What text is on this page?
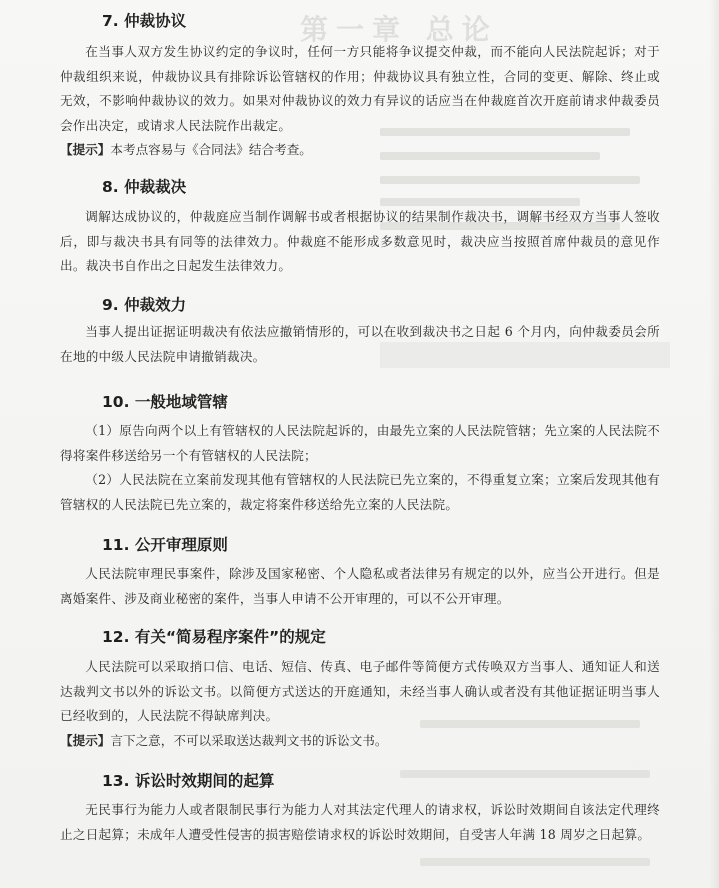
第一章 总论
7. 仲裁协议

在当事人双方发生协议约定的争议时，任何一方只能将争议提交仲裁，而不能向人民法院起诉；对于仲裁组织来说，仲裁协议具有排除诉讼管辖权的作用；仲裁协议具有独立性，合同的变更、解除、终止或无效，不影响仲裁协议的效力。如果对仲裁协议的效力有异议的话应当在仲裁庭首次开庭前请求仲裁委员会作出决定，或请求人民法院作出裁定。

【提示】本考点容易与《合同法》结合考查。

8. 仲裁裁决

调解达成协议的，仲裁庭应当制作调解书或者根据协议的结果制作裁决书，调解书经双方当事人签收后，即与裁决书具有同等的法律效力。仲裁庭不能形成多数意见时，裁决应当按照首席仲裁员的意见作出。裁决书自作出之日起发生法律效力。

9. 仲裁效力

当事人提出证据证明裁决有依法应撤销情形的，可以在收到裁决书之日起 6 个月内，向仲裁委员会所在地的中级人民法院申请撤销裁决。

10. 一般地域管辖

（1）原告向两个以上有管辖权的人民法院起诉的，由最先立案的人民法院管辖；先立案的人民法院不得将案件移送给另一个有管辖权的人民法院；

（2）人民法院在立案前发现其他有管辖权的人民法院已先立案的，不得重复立案；立案后发现其他有管辖权的人民法院已先立案的，裁定将案件移送给先立案的人民法院。

11. 公开审理原则

人民法院审理民事案件，除涉及国家秘密、个人隐私或者法律另有规定的以外，应当公开进行。但是离婚案件、涉及商业秘密的案件，当事人申请不公开审理的，可以不公开审理。

12. 有关“简易程序案件”的规定

人民法院可以采取捎口信、电话、短信、传真、电子邮件等简便方式传唤双方当事人、通知证人和送达裁判文书以外的诉讼文书。以简便方式送达的开庭通知，未经当事人确认或者没有其他证据证明当事人已经收到的，人民法院不得缺席判决。

【提示】言下之意，不可以采取送达裁判文书的诉讼文书。

13. 诉讼时效期间的起算

无民事行为能力人或者限制民事行为能力人对其法定代理人的请求权，诉讼时效期间自该法定代理终止之日起算；未成年人遭受性侵害的损害赔偿请求权的诉讼时效期间，自受害人年满 18 周岁之日起算。
